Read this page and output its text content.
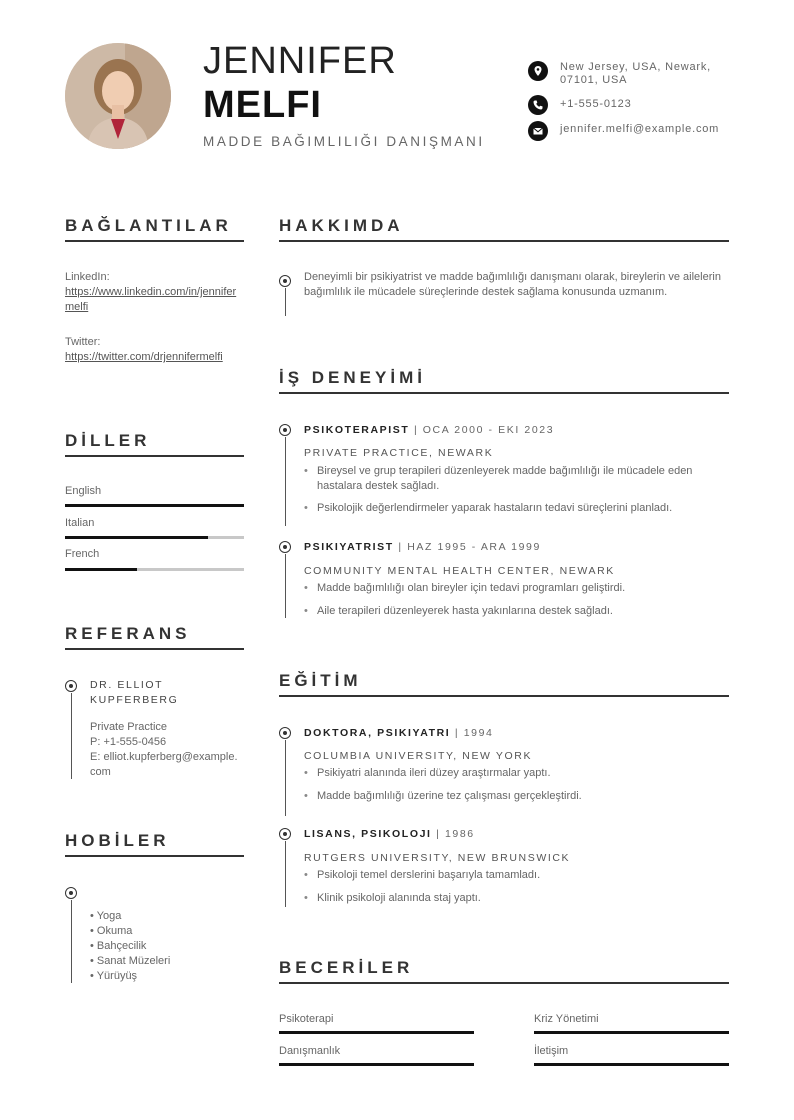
JENNIFER
MELFI
MADDE BAĞIMLILIĞI DANIŞMANI
New Jersey, USA, Newark, 07101, USA
+1-555-0123
jennifer.melfi@example.com
BAĞLANTILAR
LinkedIn:
https://www.linkedin.com/in/jennifermelfi
Twitter:
https://twitter.com/drjennifermelfi
DİLLER
English
Italian
French
REFERANS
DR. ELLIOT KUPFERBERG
Private Practice
P: +1-555-0456
E: elliot.kupferberg@example.com
HOBİLER
• Yoga
• Okuma
• Bahçecilik
• Sanat Müzeleri
• Yürüyüş
HAKKIMDA
Deneyimli bir psikiyatrist ve madde bağımlılığı danışmanı olarak, bireylerin ve ailelerin bağımlılık ile mücadele süreçlerinde destek sağlama konusunda uzmanım.
İŞ DENEYİMİ
PSIKOTERAPIST | OCA 2000 - EKI 2023
PRIVATE PRACTICE, NEWARK
• Bireysel ve grup terapileri düzenleyerek madde bağımlılığı ile mücadele eden hastalara destek sağladı.
• Psikolojik değerlendirmeler yaparak hastaların tedavi süreçlerini planladı.
PSIKIYATRIST | HAZ 1995 - ARA 1999
COMMUNITY MENTAL HEALTH CENTER, NEWARK
• Madde bağımlılığı olan bireyler için tedavi programları geliştirdi.
• Aile terapileri düzenleyerek hasta yakınlarına destek sağladı.
EĞİTİM
DOKTORA, PSIKIYATRI | 1994
COLUMBIA UNIVERSITY, NEW YORK
• Psikiyatri alanında ileri düzey araştırmalar yaptı.
• Madde bağımlılığı üzerine tez çalışması gerçekleştirdi.
LISANS, PSIKOLOJI | 1986
RUTGERS UNIVERSITY, NEW BRUNSWICK
• Psikoloji temel derslerini başarıyla tamamladı.
• Klinik psikoloji alanında staj yaptı.
BECERİLER
Psikoterapi	Kriz Yönetimi
Danışmanlık	İletişim
